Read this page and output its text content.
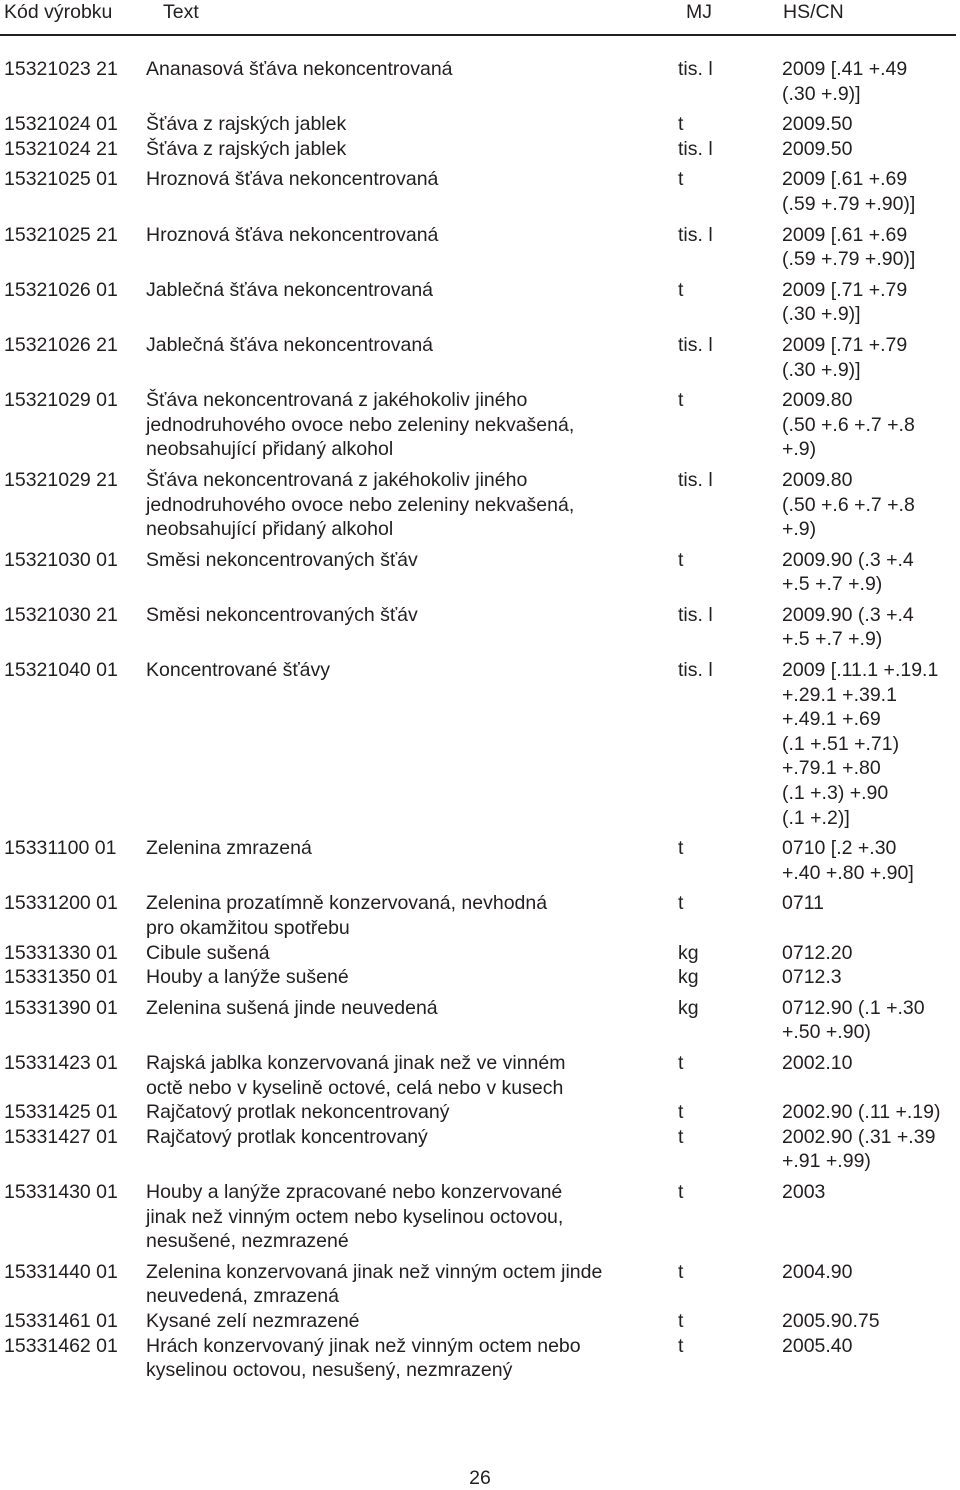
Kód výrobku	Text	MJ	HS/CN
15321023 21	Ananasová šťáva nekoncentrovaná	tis. l	2009 [.41 +.49
(.30 +.9)]
15321024 01	Šťáva z rajských jablek	t	2009.50
15321024 21	Šťáva z rajských jablek	tis. l	2009.50
15321025 01	Hroznová šťáva nekoncentrovaná	t	2009 [.61 +.69
(.59 +.79 +.90)]
15321025 21	Hroznová šťáva nekoncentrovaná	tis. l	2009 [.61 +.69
(.59 +.79 +.90)]
15321026 01	Jablečná šťáva nekoncentrovaná	t	2009 [.71 +.79
(.30 +.9)]
15321026 21	Jablečná šťáva nekoncentrovaná	tis. l	2009 [.71 +.79
(.30 +.9)]
15321029 01	Šťáva nekoncentrovaná z jakéhokoliv jiného
jednodruhového ovoce nebo zeleniny nekvašená,
neobsahující přidaný alkohol
t	2009.80
(.50 +.6 +.7 +.8
+.9)
15321029 21	Šťáva nekoncentrovaná z jakéhokoliv jiného
jednodruhového ovoce nebo zeleniny nekvašená,
neobsahující přidaný alkohol
tis. l	2009.80
(.50 +.6 +.7 +.8
+.9)
15321030 01	Směsi nekoncentrovaných šťáv	t	2009.90 (.3 +.4
+.5 +.7 +.9)
15321030 21	Směsi nekoncentrovaných šťáv	tis. l	2009.90 (.3 +.4
+.5 +.7 +.9)
15321040 01	Koncentrované šťávy	tis. l	2009 [.11.1 +.19.1
+.29.1 +.39.1
+.49.1 +.69
(.1 +.51 +.71)
+.79.1 +.80
(.1 +.3) +.90
(.1 +.2)]
15331100 01	Zelenina zmrazená	t	0710 [.2 +.30
+.40 +.80 +.90]
15331200 01	Zelenina prozatímně konzervovaná, nevhodná
pro okamžitou spotřebu
t	0711
15331330 01	Cibule sušená	kg	0712.20
15331350 01	Houby a lanýže sušené	kg	0712.3
15331390 01	Zelenina sušená jinde neuvedená	kg	0712.90 (.1 +.30
+.50 +.90)
15331423 01	Rajská jablka konzervovaná jinak než ve vinném
octě nebo v kyselině octové, celá nebo v kusech
t	2002.10
15331425 01	Rajčatový protlak nekoncentrovaný	t	2002.90 (.11 +.19)
15331427 01	Rajčatový protlak koncentrovaný	t	2002.90 (.31 +.39
+.91 +.99)
15331430 01	Houby a lanýže zpracované nebo konzervované
jinak než vinným octem nebo kyselinou octovou,
nesušené, nezmrazené
t	2003
15331440 01	Zelenina konzervovaná jinak než vinným octem jinde
neuvedená, zmrazená
t	2004.90
15331461 01	Kysané zelí nezmrazené	t	2005.90.75
15331462 01	Hrách konzervovaný jinak než vinným octem nebo
kyselinou octovou, nesušený, nezmrazený
t	2005.40
26
